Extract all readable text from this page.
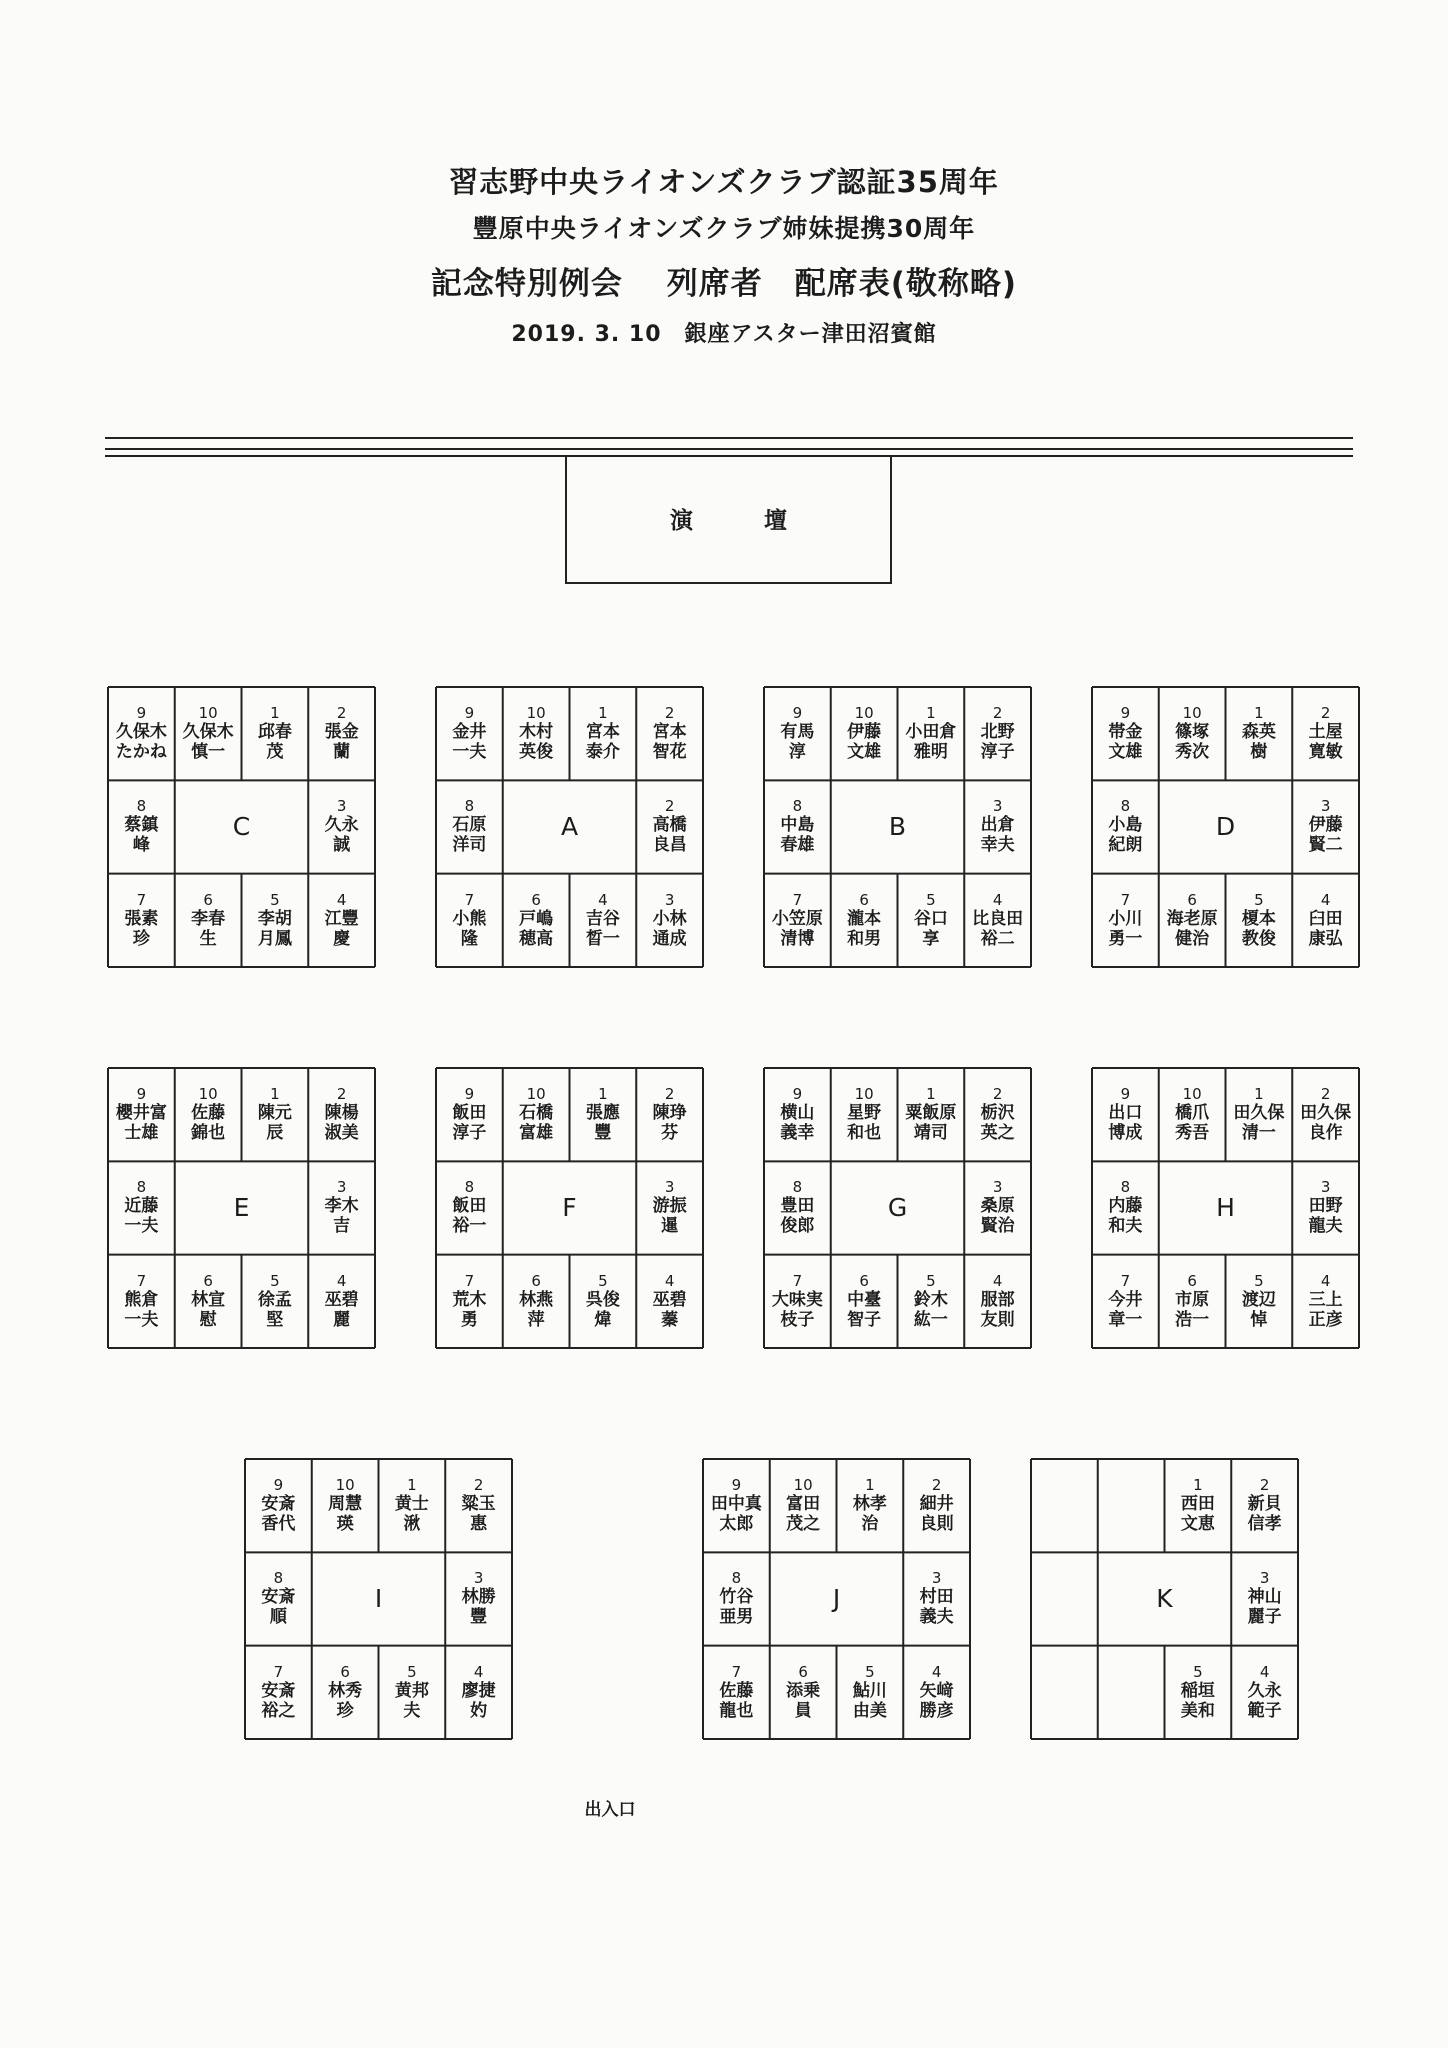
習志野中央ライオンズクラブ認証35周年
豐原中央ライオンズクラブ姉妹提携30周年
記念特別例会　 列席者　配席表(敬称略)
2019. 3. 10　銀座アスター津田沼賓館
演　壇
9
久保木たかね
10
久保木慎一
1
邱春茂
2
張金蘭
8
蔡鎮峰
3
久永誠
7
張素珍
6
李春生
5
李胡月鳳
4
江豐慶
C
9
金井一夫
10
木村英俊
1
宮本泰介
2
宮本智花
8
石原洋司
2
高橋良昌
7
小熊隆
6
戸嶋穂高
4
吉谷晳一
3
小林通成
A
9
有馬淳
10
伊藤文雄
1
小田倉雅明
2
北野淳子
8
中島春雄
3
出倉幸夫
7
小笠原清博
6
瀧本和男
5
谷口享
4
比良田裕二
B
9
帯金文雄
10
篠塚秀次
1
森英樹
2
土屋寛敏
8
小島紀朗
3
伊藤賢二
7
小川勇一
6
海老原健治
5
榎本教俊
4
臼田康弘
D
9
櫻井富士雄
10
佐藤錦也
1
陳元辰
2
陳楊淑美
8
近藤一夫
3
李木吉
7
熊倉一夫
6
林宣慰
5
徐孟堅
4
巫碧麗
E
9
飯田淳子
10
石橋富雄
1
張應豐
2
陳琤芬
8
飯田裕一
3
游振暹
7
荒木勇
6
林燕萍
5
呉俊煒
4
巫碧蓁
F
9
横山義幸
10
星野和也
1
粟飯原靖司
2
栃沢英之
8
豊田俊郎
3
桑原賢治
7
大味実枝子
6
中臺智子
5
鈴木紘一
4
服部友則
G
9
出口博成
10
橋爪秀吾
1
田久保清一
2
田久保良作
8
内藤和夫
3
田野龍夫
7
今井章一
6
市原浩一
5
渡辺悼
4
三上正彦
H
9
安斎香代
10
周慧瑛
1
黄士湫
2
粱玉惠
8
安斎順
3
林勝豐
7
安斎裕之
6
林秀珍
5
黄邦夫
4
廖捷妁
I
9
田中真太郎
10
富田茂之
1
林孝治
2
細井良則
8
竹谷亜男
3
村田義夫
7
佐藤龍也
6
添乗員
5
鮎川由美
4
矢﨑勝彦
J
1
西田文恵
2
新貝信孝
3
神山麗子
5
稲垣美和
4
久永範子
K
出入口
